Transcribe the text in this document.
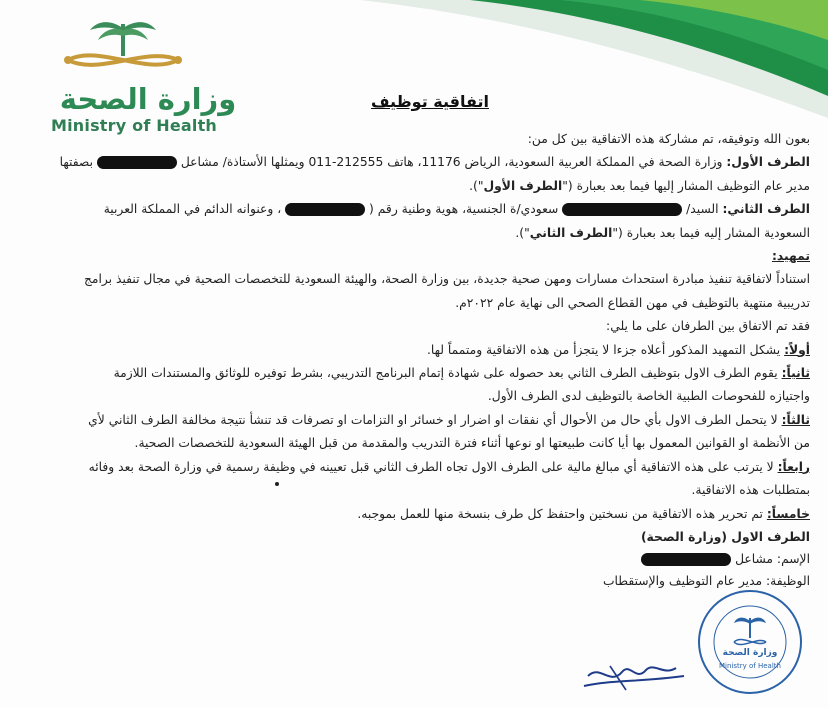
وزارة الصحة
Ministry of Health
اتفاقية توظيف

بعون الله وتوفيقه، تم مشاركة هذه الاتفاقية بين كل من:

الطرف الأول: وزارة الصحة في المملكة العربية السعودية، الرياض 11176، هاتف 212555-011 ويمثلها الأستاذة/ مشاعل  بصفتها

مدير عام التوظيف المشار إليها فيما بعد بعبارة ("الطرف الأول").

الطرف الثاني: السيد/  سعودي/ة الجنسية، هوية وطنية رقم (  ، وعنوانه الدائم في المملكة العربية

السعودية المشار إليه فيما بعد بعبارة ("الطرف الثاني").

تمهيد:

استناداً لاتفاقية تنفيذ مبادرة استحداث مسارات ومهن صحية جديدة، بين وزارة الصحة، والهيئة السعودية للتخصصات الصحية في مجال تنفيذ برامج

تدريبية منتهية بالتوظيف في مهن القطاع الصحي الى نهاية عام ٢٠٢٢م.

فقد تم الاتفاق بين الطرفان على ما يلي:

أولاً: يشكل التمهيد المذكور أعلاه جزءا لا يتجزأ من هذه الاتفاقية ومتمماً لها.

ثانياً: يقوم الطرف الاول بتوظيف الطرف الثاني بعد حصوله على شهادة إتمام البرنامج التدريبي، بشرط توفيره للوثائق والمستندات اللازمة

واجتيازه للفحوصات الطبية الخاصة بالتوظيف لدى الطرف الأول.

ثالثاً: لا يتحمل الطرف الاول بأي حال من الأحوال أي نفقات او اضرار او خسائر او التزامات او تصرفات قد تنشأ نتيجة مخالفة الطرف الثاني لأي

من الأنظمة او القوانين المعمول بها أيا كانت طبيعتها او نوعها أثناء فترة التدريب والمقدمة من قبل الهيئة السعودية للتخصصات الصحية.

رابعاً: لا يترتب على هذه الاتفاقية أي مبالغ مالية على الطرف الاول تجاه الطرف الثاني قبل تعيينه في وظيفة رسمية في وزارة الصحة بعد وفائه

بمتطلبات هذه الاتفاقية.

خامساً: تم تحرير هذه الاتفاقية من نسختين واحتفظ كل طرف بنسخة منها للعمل بموجبه.

الطرف الاول (وزارة الصحة)

الإسم: مشاعل

الوظيفة: مدير عام التوظيف والإستقطاب

وزارة الصحة
Ministry of Health
